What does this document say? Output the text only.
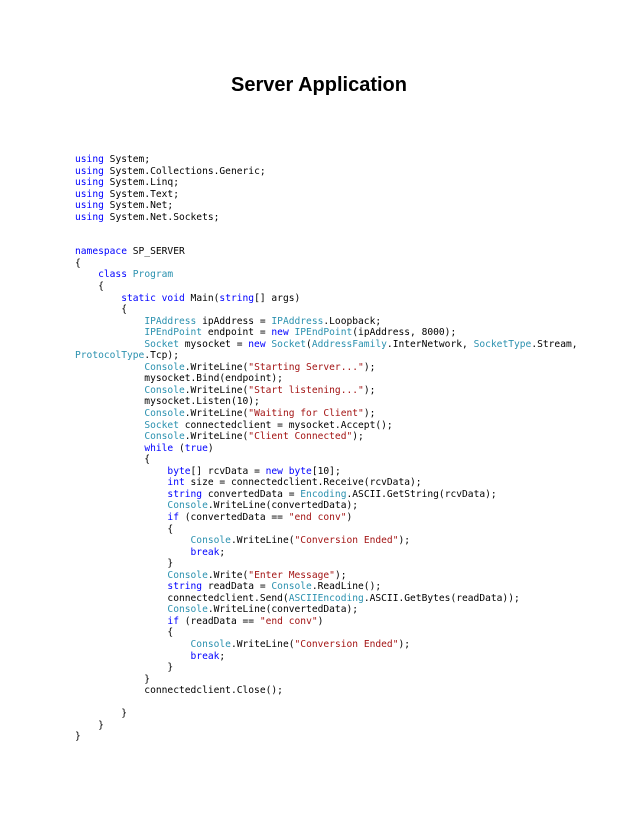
Server Application
using System;
using System.Collections.Generic;
using System.Linq;
using System.Text;
using System.Net;
using System.Net.Sockets;
namespace SP_SERVER
{
class Program
{
static void Main(string[] args)
{
IPAddress ipAddress = IPAddress.Loopback;
IPEndPoint endpoint = new IPEndPoint(ipAddress, 8000);
Socket mysocket = new Socket(AddressFamily.InterNetwork, SocketType.Stream,
ProtocolType.Tcp);
Console.WriteLine("Starting Server...");
mysocket.Bind(endpoint);
Console.WriteLine("Start listening...");
mysocket.Listen(10);
Console.WriteLine("Waiting for Client");
Socket connectedclient = mysocket.Accept();
Console.WriteLine("Client Connected");
while (true)
{
byte[] rcvData = new byte[10];
int size = connectedclient.Receive(rcvData);
string convertedData = Encoding.ASCII.GetString(rcvData);
Console.WriteLine(convertedData);
if (convertedData == "end conv")
{
Console.WriteLine("Conversion Ended");
break;
}
Console.Write("Enter Message");
string readData = Console.ReadLine();
connectedclient.Send(ASCIIEncoding.ASCII.GetBytes(readData));
Console.WriteLine(convertedData);
if (readData == "end conv")
{
Console.WriteLine("Conversion Ended");
break;
}
}
connectedclient.Close();
}
}
}
